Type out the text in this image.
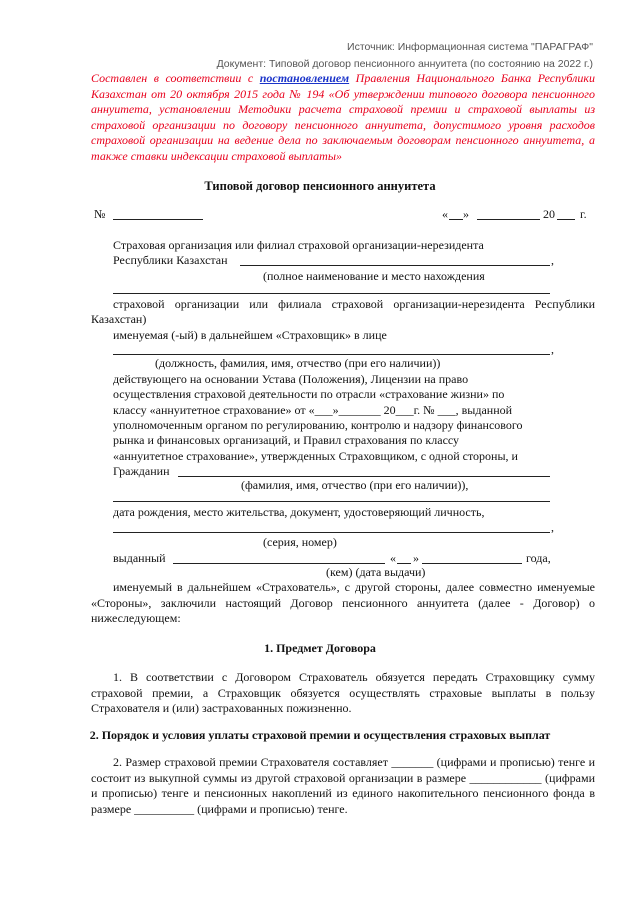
Источник: Информационная система "ПАРАГРАФ"
Документ: Типовой договор пенсионного аннуитета (по состоянию на 2022 г.)
Составлен в соответствии с постановлением Правления Национального Банка Республики Казахстан от 20 октября 2015 года № 194 «Об утверждении типового договора пенсионного аннуитета, установлении Методики расчета страховой премии и страховой выплаты из страховой организации по договору пенсионного аннуитета, допустимого уровня расходов страховой организации на ведение дела по заключаемым договорам пенсионного аннуитета, а также ставки индексации страховой выплаты»
Типовой договор пенсионного аннуитета
№	« »	20 г.
Страховая организация или филиал страховой организации-нерезидента
Республики Казахстан	,
(полное наименование и место нахождения
страховой организации или филиала страховой организации-нерезидента Республики
Казахстан)
именуемая (-ый) в дальнейшем «Страховщик» в лице
,
(должность, фамилия, имя, отчество (при его наличии))
действующего на основании Устава (Положения), Лицензии на право
осуществления страховой деятельности по отрасли «страхование жизни» по
классу «аннуитетное страхование» от «___»_______ 20___г. № ___, выданной
уполномоченным органом по регулированию, контролю и надзору финансового
рынка и финансовых организаций, и Правил страхования по классу
«аннуитетное страхование», утвержденных Страховщиком, с одной стороны, и
Гражданин
(фамилия, имя, отчество (при его наличии)),
дата рождения, место жительства, документ, удостоверяющий личность,
,
(серия, номер)
выданный	« »	года,
(кем) (дата выдачи)
именуемый в дальнейшем «Страхователь», с другой стороны, далее совместно именуемые «Стороны», заключили настоящий Договор пенсионного аннуитета (далее - Договор) о нижеследующем:
1. Предмет Договора
1. В соответствии с Договором Страхователь обязуется передать Страховщику сумму страховой премии, а Страховщик обязуется осуществлять страховые выплаты в пользу Страхователя и (или) застрахованных пожизненно.
2. Порядок и условия уплаты страховой премии и осуществления страховых выплат
2. Размер страховой премии Страхователя составляет _______ (цифрами и прописью) тенге и состоит из выкупной суммы из другой страховой организации в размере ____________ (цифрами и прописью) тенге и пенсионных накоплений из единого накопительного пенсионного фонда в размере __________ (цифрами и прописью) тенге.
